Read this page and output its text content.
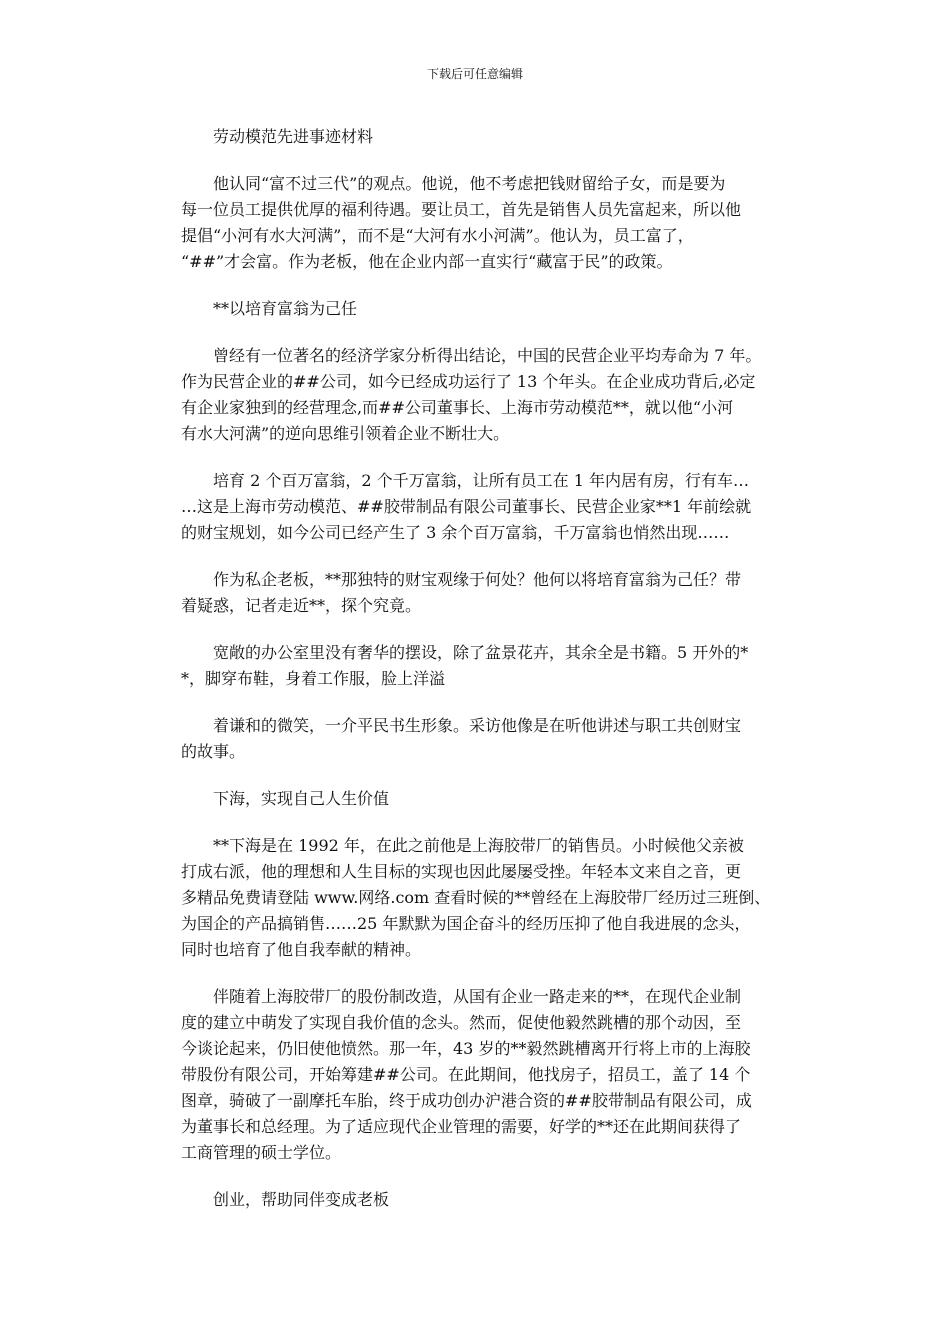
下载后可任意编辑
劳动模范先进事迹材料
他认同“富不过三代”的观点。他说，他不考虑把钱财留给子女，而是要为
每一位员工提供优厚的福利待遇。要让员工，首先是销售人员先富起来，所以他
提倡“小河有水大河满”，而不是“大河有水小河满”。他认为，员工富了，
“##”才会富。作为老板，他在企业内部一直实行“藏富于民”的政策。
**以培育富翁为己任
曾经有一位著名的经济学家分析得出结论，中国的民营企业平均寿命为 7 年。
作为民营企业的##公司，如今已经成功运行了 13 个年头。在企业成功背后,必定
有企业家独到的经营理念,而##公司董事长、上海市劳动模范**，就以他“小河
有水大河满”的逆向思维引领着企业不断壮大。
培育 2 个百万富翁，2 个千万富翁，让所有员工在 1 年内居有房，行有车…
…这是上海市劳动模范、##胶带制品有限公司董事长、民营企业家**1 年前绘就
的财宝规划，如今公司已经产生了 3 余个百万富翁，千万富翁也悄然出现……
作为私企老板，**那独特的财宝观缘于何处？他何以将培育富翁为己任？带
着疑惑，记者走近**，探个究竟。
宽敞的办公室里没有奢华的摆设，除了盆景花卉，其余全是书籍。5 开外的*
*，脚穿布鞋，身着工作服，脸上洋溢
着谦和的微笑，一介平民书生形象。采访他像是在听他讲述与职工共创财宝
的故事。
下海，实现自己人生价值
**下海是在 1992 年，在此之前他是上海胶带厂的销售员。小时候他父亲被
打成右派，他的理想和人生目标的实现也因此屡屡受挫。年轻本文来自之音，更
多精品免费请登陆 www.网络.com 查看时候的**曾经在上海胶带厂经历过三班倒、
为国企的产品搞销售……25 年默默为国企奋斗的经历压抑了他自我进展的念头，
同时也培育了他自我奉献的精神。
伴随着上海胶带厂的股份制改造，从国有企业一路走来的**，在现代企业制
度的建立中萌发了实现自我价值的念头。然而，促使他毅然跳槽的那个动因，至
今谈论起来，仍旧使他愤然。那一年，43 岁的**毅然跳槽离开行将上市的上海胶
带股份有限公司，开始筹建##公司。在此期间，他找房子，招员工，盖了 14 个
图章，骑破了一副摩托车胎，终于成功创办沪港合资的##胶带制品有限公司，成
为董事长和总经理。为了适应现代企业管理的需要，好学的**还在此期间获得了
工商管理的硕士学位。
创业，帮助同伴变成老板
